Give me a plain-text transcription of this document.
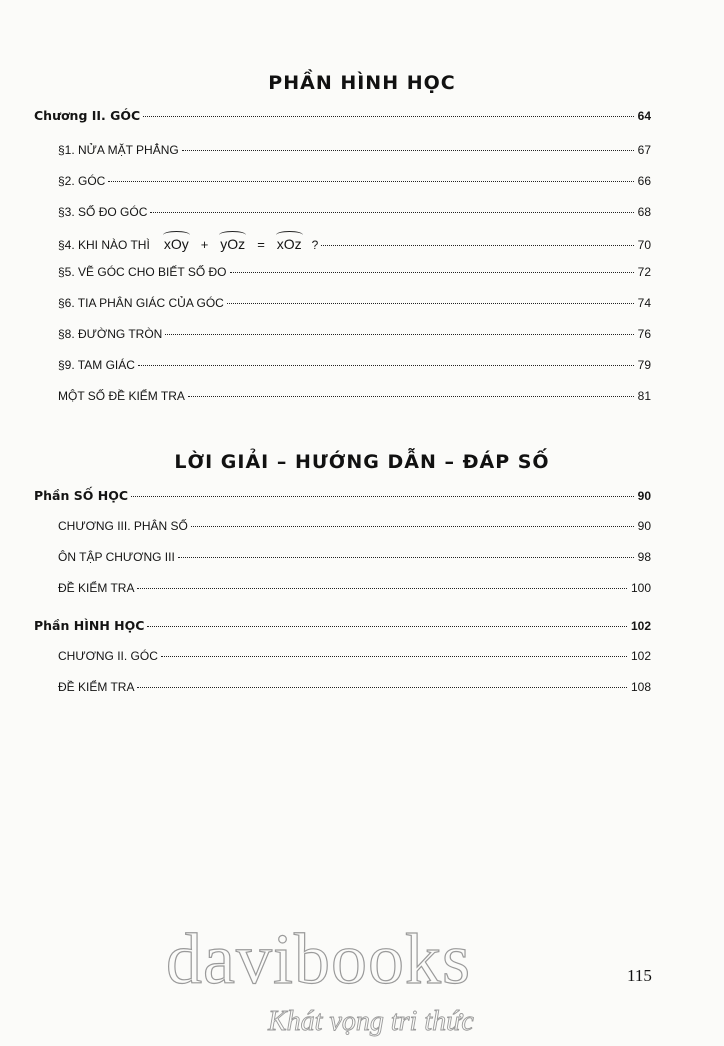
PHẦN HÌNH HỌC
Chương II. GÓC	64
§1. NỬA MẶT PHẲNG	67
§2. GÓC	66
§3. SỐ ĐO GÓC	68
§4. KHI NÀO THÌ xOy + yOz = xOz ?	70
§5. VẼ GÓC CHO BIẾT SỐ ĐO	72
§6. TIA PHÂN GIÁC CỦA GÓC	74
§8. ĐƯỜNG TRÒN	76
§9. TAM GIÁC	79
MỘT SỐ ĐỀ KIỂM TRA	81
LỜI GIẢI – HƯỚNG DẪN – ĐÁP SỐ
Phần SỐ HỌC	90
CHƯƠNG III. PHÂN SỐ	90
ÔN TẬP CHƯƠNG III	98
ĐỀ KIỂM TRA	100
Phần HÌNH HỌC	102
CHƯƠNG II. GÓC	102
ĐỀ KIỂM TRA	108
davibooks
Khát vọng tri thức
115
